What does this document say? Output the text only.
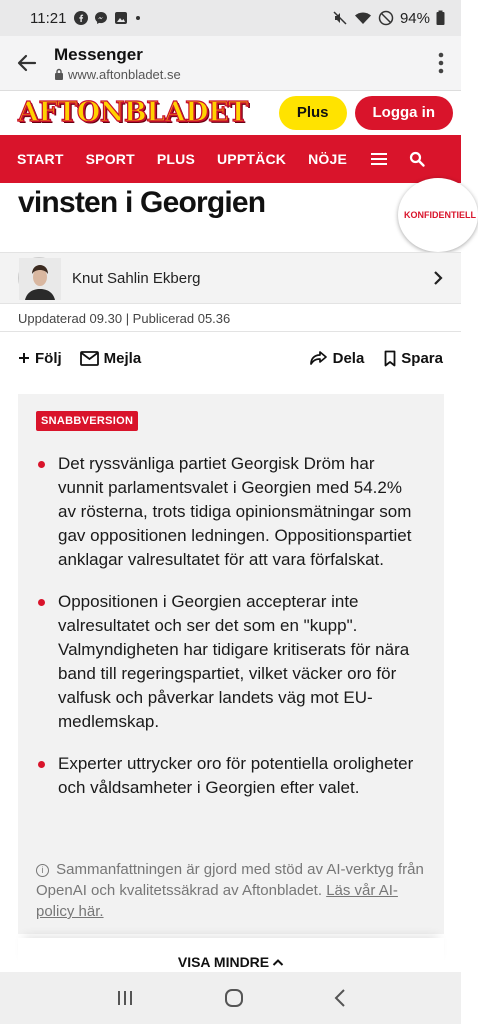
11:21	94%
Messenger
www.aftonbladet.se
AFTONBLADET	Plus	Logga in
START SPORT PLUS UPPTÄCK NÖJE
vinsten i Georgien	KONFIDENTIELL
Knut Sahlin Ekberg
Uppdaterad 09.30 | Publicerad 05.36
Följ	Mejla	Dela Spara
SNABBVERSION
Det ryssvänliga partiet Georgisk Dröm har vunnit parlamentsvalet i Georgien med 54.2% av rösterna, trots tidiga opinionsmätningar som gav oppositionen ledningen. Oppositionspartiet anklagar valresultatet för att vara förfalskat.
Oppositionen i Georgien accepterar inte valresultatet och ser det som en "kupp". Valmyndigheten har tidigare kritiserats för nära band till regeringspartiet, vilket väcker oro för valfusk och påverkar landets väg mot EU-medlemskap.
Experter uttrycker oro för potentiella oroligheter och våldsamheter i Georgien efter valet.
i Sammanfattningen är gjord med stöd av AI-verktyg från OpenAI och kvalitetssäkrad av Aftonbladet. Läs vår AI-policy här.
VISA MINDRE
